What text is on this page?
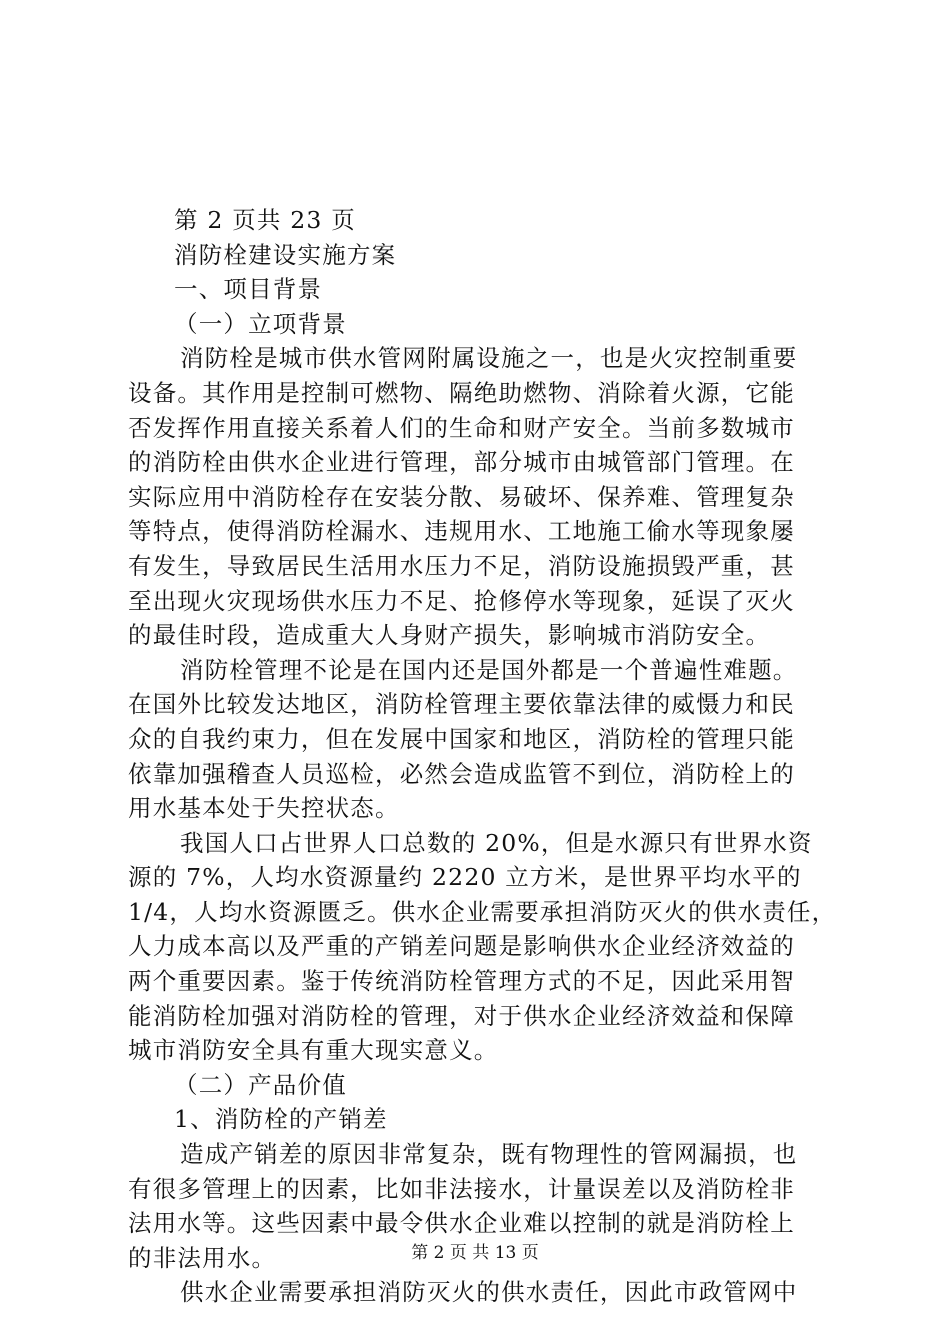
第 2 页共 23 页

消防栓建设实施方案

一、项目背景

（一）立项背景

消防栓是城市供水管网附属设施之一，也是火灾控制重要

设备。其作用是控制可燃物、隔绝助燃物、消除着火源，它能

否发挥作用直接关系着人们的生命和财产安全。当前多数城市

的消防栓由供水企业进行管理，部分城市由城管部门管理。在

实际应用中消防栓存在安装分散、易破坏、保养难、管理复杂

等特点，使得消防栓漏水、违规用水、工地施工偷水等现象屡

有发生，导致居民生活用水压力不足，消防设施损毁严重，甚

至出现火灾现场供水压力不足、抢修停水等现象，延误了灭火

的最佳时段，造成重大人身财产损失，影响城市消防安全。

消防栓管理不论是在国内还是国外都是一个普遍性难题。

在国外比较发达地区，消防栓管理主要依靠法律的威慑力和民

众的自我约束力，但在发展中国家和地区，消防栓的管理只能

依靠加强稽查人员巡检，必然会造成监管不到位，消防栓上的

用水基本处于失控状态。

我国人口占世界人口总数的 20%，但是水源只有世界水资

源的 7%，人均水资源量约 2220 立方米，是世界平均水平的

1/4，人均水资源匮乏。供水企业需要承担消防灭火的供水责任，

人力成本高以及严重的产销差问题是影响供水企业经济效益的

两个重要因素。鉴于传统消防栓管理方式的不足，因此采用智

能消防栓加强对消防栓的管理，对于供水企业经济效益和保障

城市消防安全具有重大现实意义。

（二）产品价值

1、消防栓的产销差

造成产销差的原因非常复杂，既有物理性的管网漏损，也

有很多管理上的因素，比如非法接水，计量误差以及消防栓非

法用水等。这些因素中最令供水企业难以控制的就是消防栓上

的非法用水。

供水企业需要承担消防灭火的供水责任，因此市政管网中

第 2 页 共 13 页
